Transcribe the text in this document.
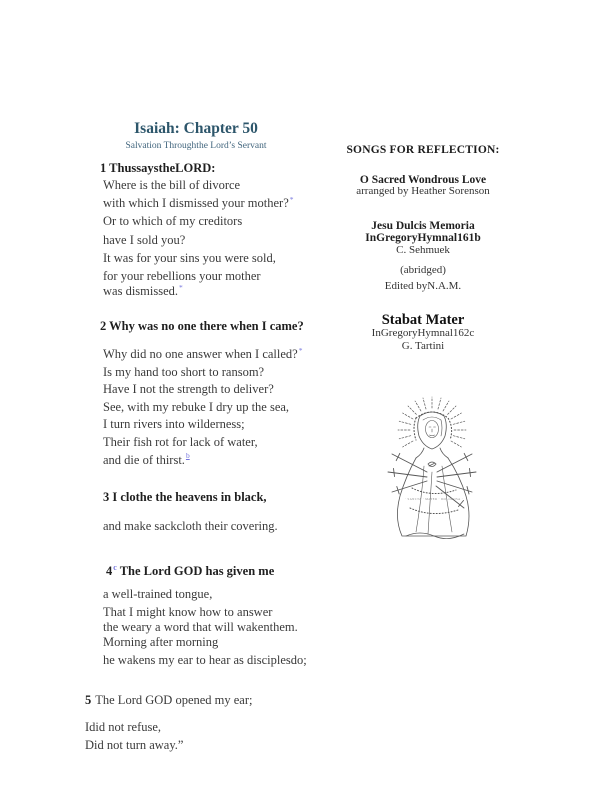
Isaiah: Chapter 50
Salvation Throughthe Lord’s Servant
1 ThussaystheLORD:
Where is the bill of divorce
with which I dismissed your mother?*
Or to which of my creditors
have I sold you?
It was for your sins you were sold,
for your rebellions your mother
was dismissed.*
2 Why was no one there when I came?
Why did no one answer when I called?*
Is my hand too short to ransom?
Have I not the strength to deliver?
See, with my rebuke I dry up the sea,
I turn rivers into wilderness;
Their fish rot for lack of water,
and die of thirst.$^b$
3 I clothe the heavens in black,
and make sackcloth their covering.
4$^c$ The Lord GOD has given me
a well-trained tongue,
That I might know how to answer
the weary a word that will wakenthem.
Morning after morning
he wakens my ear to hear as disciplesdo;
5 The Lord GOD opened my ear;
Idid not refuse,
Did not turn away.”
SONGS FOR REFLECTION:
O Sacred Wondrous Love
arranged by Heather Sorenson
Jesu Dulcis Memoria
InGregoryHymnal161b
C. Sehmuek
(abridged)
Edited byN.A.M.
Stabat Mater
InGregoryHymnal162c
G. Tartini
· SANCTA · MATER · DOLOROSA ·
